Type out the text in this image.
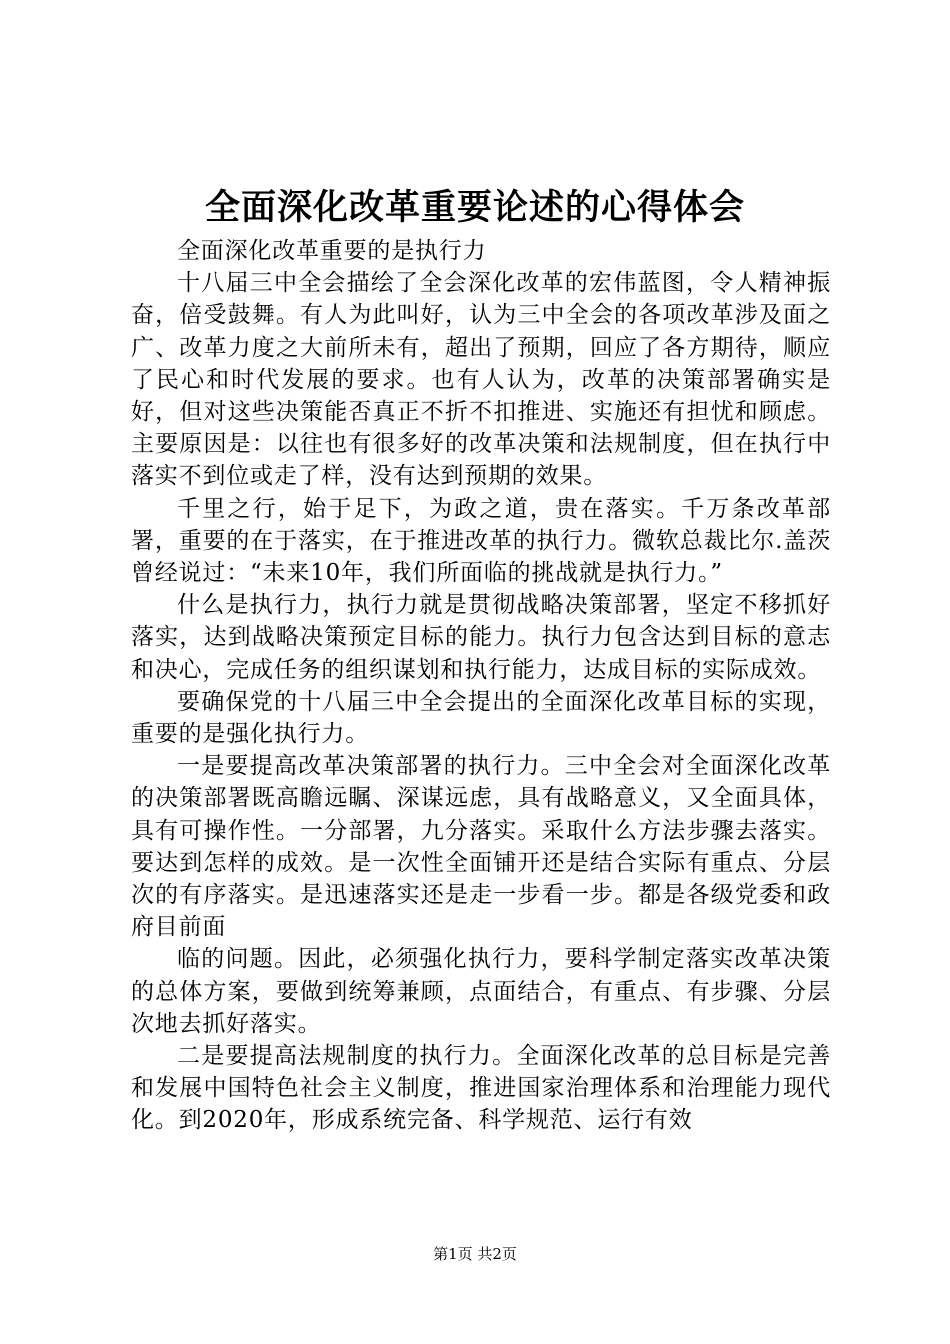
全面深化改革重要论述的心得体会

全面深化改革重要的是执行力

十八届三中全会描绘了全会深化改革的宏伟蓝图，令人精神振奋，倍受鼓舞。有人为此叫好，认为三中全会的各项改革涉及面之广、改革力度之大前所未有，超出了预期，回应了各方期待，顺应了民心和时代发展的要求。也有人认为，改革的决策部署确实是好，但对这些决策能否真正不折不扣推进、实施还有担忧和顾虑。主要原因是：以往也有很多好的改革决策和法规制度，但在执行中落实不到位或走了样，没有达到预期的效果。

千里之行，始于足下，为政之道，贵在落实。千万条改革部署，重要的在于落实，在于推进改革的执行力。微软总裁比尔.盖茨曾经说过：“未来10年，我们所面临的挑战就是执行力。”

什么是执行力，执行力就是贯彻战略决策部署，坚定不移抓好落实，达到战略决策预定目标的能力。执行力包含达到目标的意志和决心，完成任务的组织谋划和执行能力，达成目标的实际成效。

要确保党的十八届三中全会提出的全面深化改革目标的实现，重要的是强化执行力。

一是要提高改革决策部署的执行力。三中全会对全面深化改革的决策部署既高瞻远瞩、深谋远虑，具有战略意义，又全面具体，具有可操作性。一分部署，九分落实。采取什么方法步骤去落实。要达到怎样的成效。是一次性全面铺开还是结合实际有重点、分层次的有序落实。是迅速落实还是走一步看一步。都是各级党委和政府目前面

临的问题。因此，必须强化执行力，要科学制定落实改革决策的总体方案，要做到统筹兼顾，点面结合，有重点、有步骤、分层次地去抓好落实。

二是要提高法规制度的执行力。全面深化改革的总目标是完善和发展中国特色社会主义制度，推进国家治理体系和治理能力现代化。到2020年，形成系统完备、科学规范、运行有效

第1页 共2页
